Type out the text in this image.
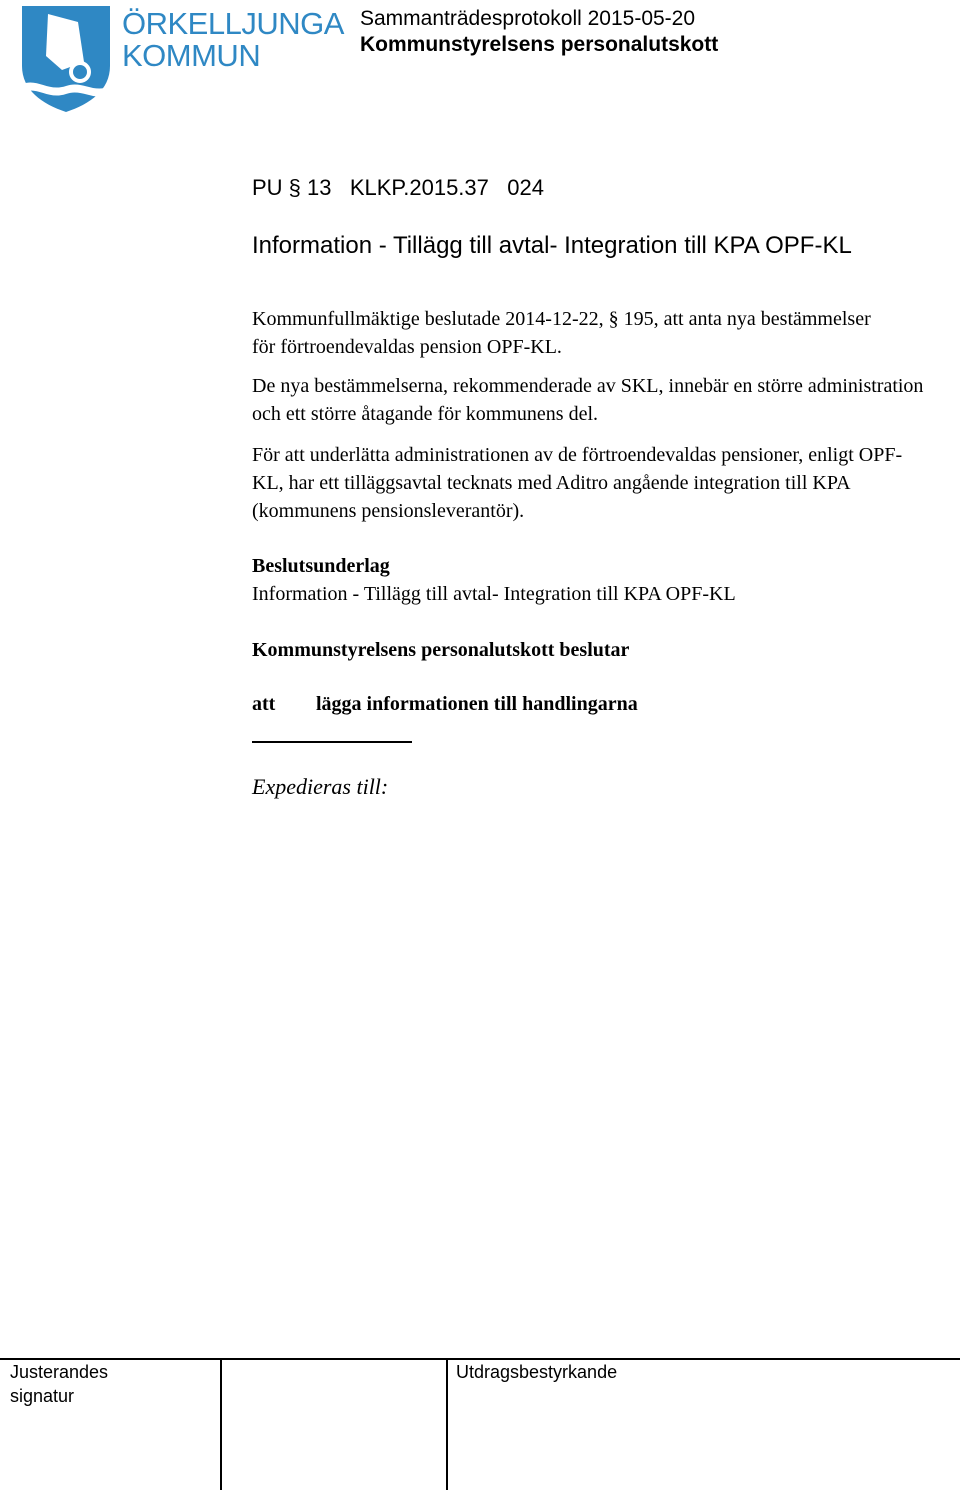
ÖRKELLJUNGA
KOMMUN
Sammanträdesprotokoll 2015-05-20
Kommunstyrelsens personalutskott
PU § 13   KLKP.2015.37   024
Information - Tillägg till avtal- Integration till KPA OPF-KL
Kommunfullmäktige beslutade 2014-12-22, § 195, att anta nya bestämmelser för förtroendevaldas pension OPF-KL.
De nya bestämmelserna, rekommenderade av SKL, innebär en större administration och ett större åtagande för kommunens del.
För att underlätta administrationen av de förtroendevaldas pensioner, enligt OPF-KL, har ett tilläggsavtal tecknats med Aditro angående integration till KPA (kommunens pensionsleverantör).
Beslutsunderlag
Information - Tillägg till avtal- Integration till KPA OPF-KL
Kommunstyrelsens personalutskott beslutar
att lägga informationen till handlingarna
Expedieras till:
Justerandes signatur
Utdragsbestyrkande
